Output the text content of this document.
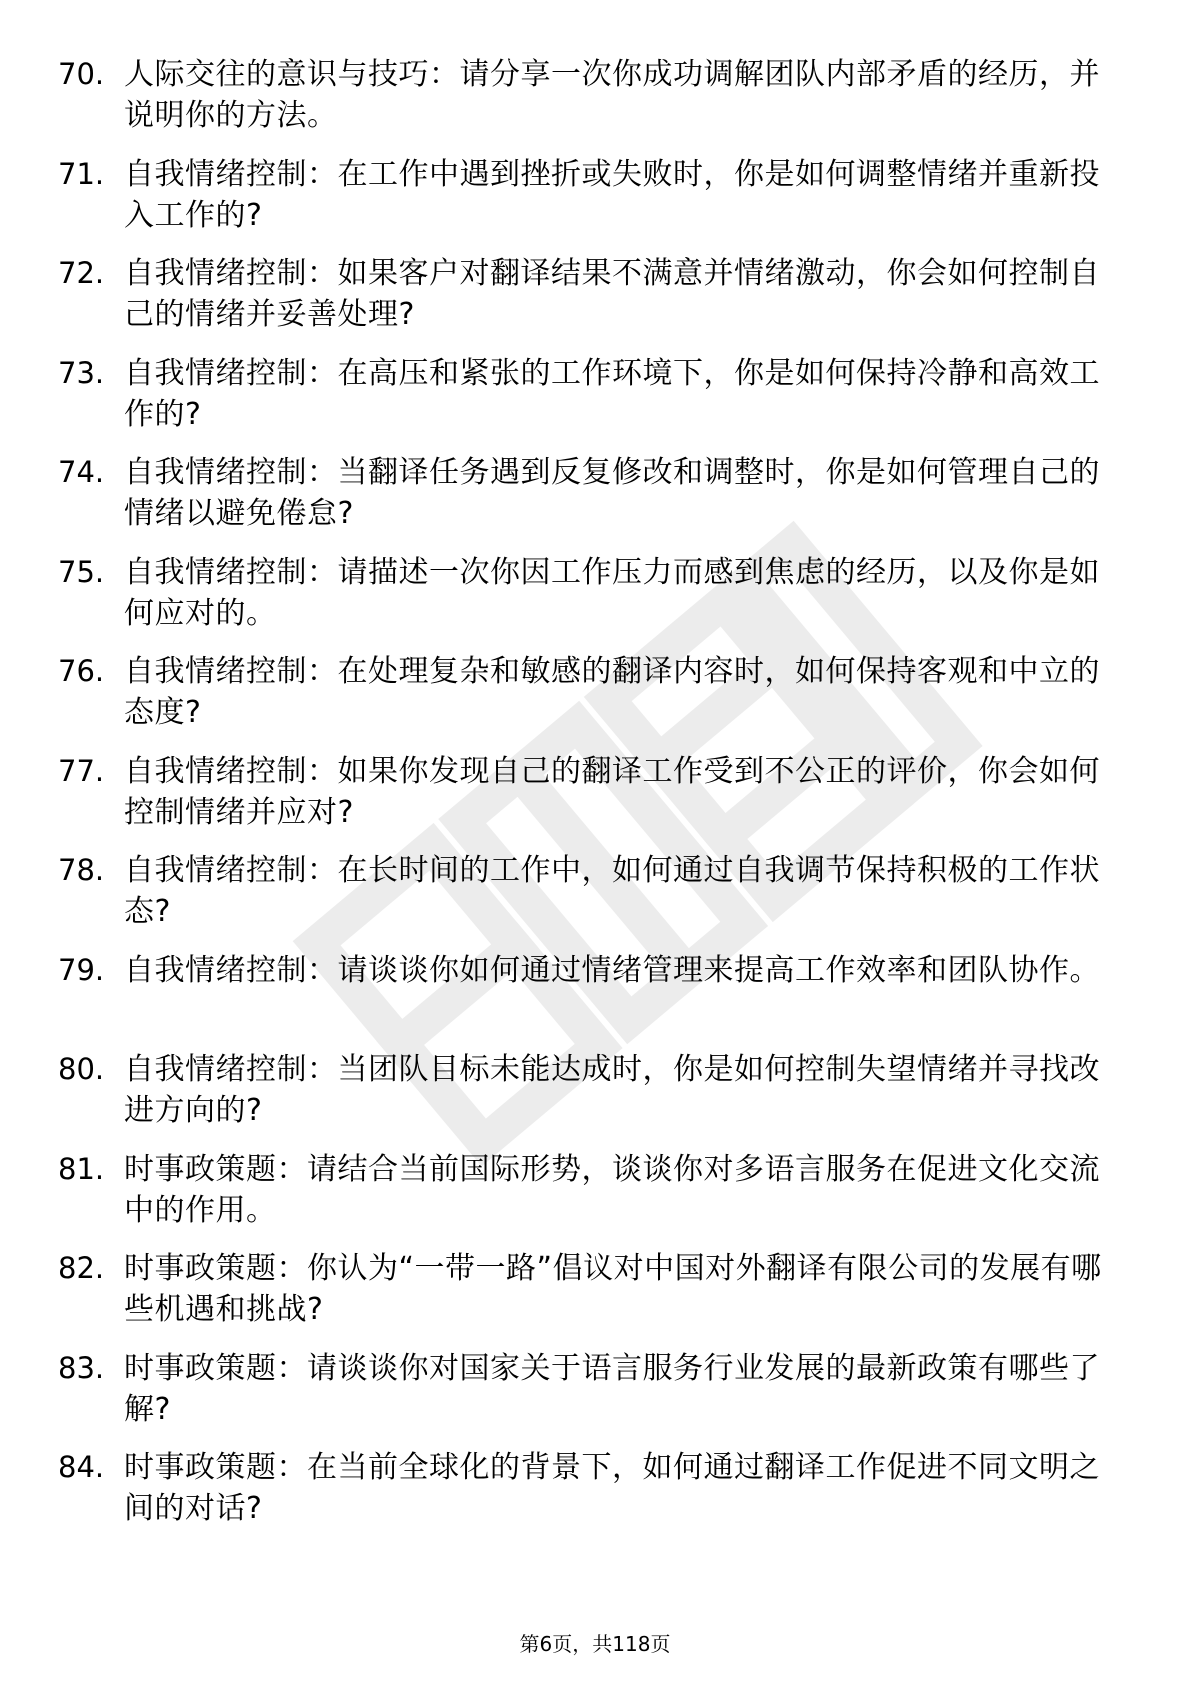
70. 人际交往的意识与技巧：请分享一次你成功调解团队内部矛盾的经历，并说明你的方法。
71. 自我情绪控制：在工作中遇到挫折或失败时，你是如何调整情绪并重新投入工作的?
72. 自我情绪控制：如果客户对翻译结果不满意并情绪激动，你会如何控制自己的情绪并妥善处理?
73. 自我情绪控制：在高压和紧张的工作环境下，你是如何保持冷静和高效工作的?
74. 自我情绪控制：当翻译任务遇到反复修改和调整时，你是如何管理自己的情绪以避免倦怠?
75. 自我情绪控制：请描述一次你因工作压力而感到焦虑的经历，以及你是如何应对的。
76. 自我情绪控制：在处理复杂和敏感的翻译内容时，如何保持客观和中立的态度?
77. 自我情绪控制：如果你发现自己的翻译工作受到不公正的评价，你会如何控制情绪并应对?
78. 自我情绪控制：在长时间的工作中，如何通过自我调节保持积极的工作状态?
79. 自我情绪控制：请谈谈你如何通过情绪管理来提高工作效率和团队协作。
80. 自我情绪控制：当团队目标未能达成时，你是如何控制失望情绪并寻找改进方向的?
81. 时事政策题：请结合当前国际形势，谈谈你对多语言服务在促进文化交流中的作用。
82. 时事政策题：你认为“一带一路”倡议对中国对外翻译有限公司的发展有哪些机遇和挑战?
83. 时事政策题：请谈谈你对国家关于语言服务行业发展的最新政策有哪些了解?
84. 时事政策题：在当前全球化的背景下，如何通过翻译工作促进不同文明之间的对话?
第6页，共118页
